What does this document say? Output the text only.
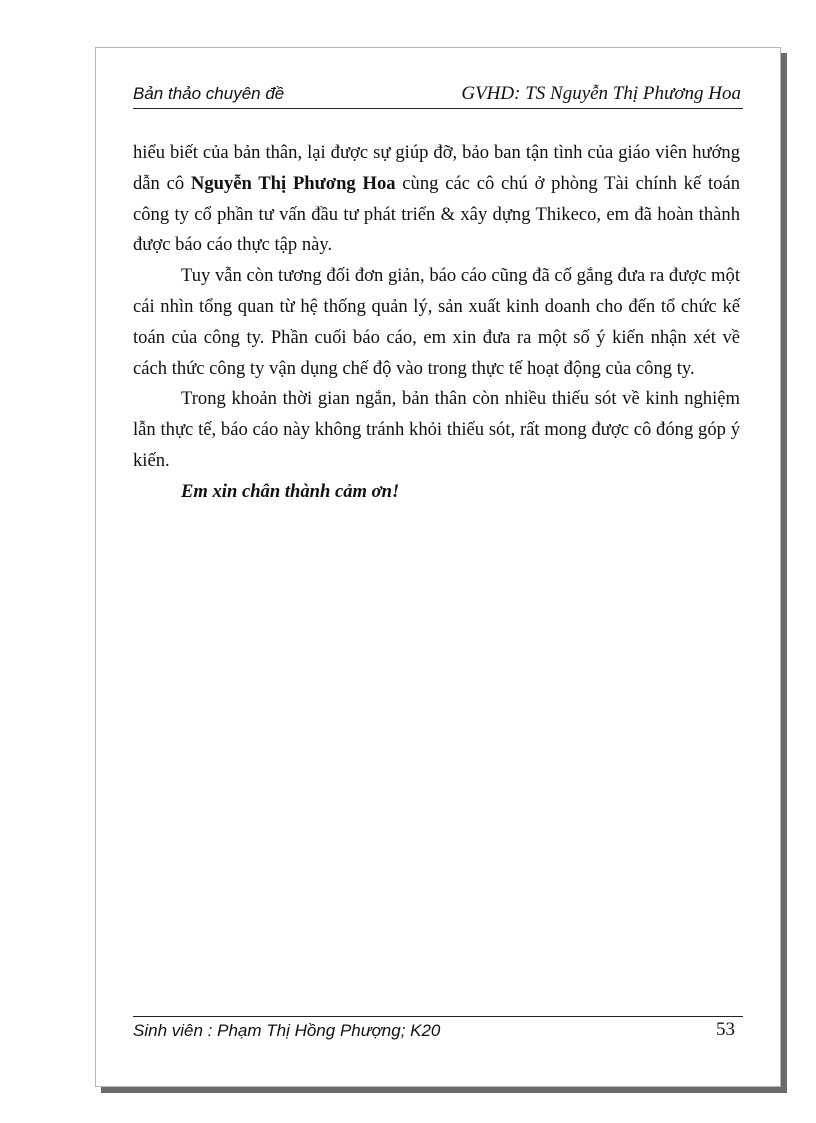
Bản thảo chuyên đề	GVHD: TS Nguyễn Thị Phương Hoa

hiểu biết của bản thân, lại được sự giúp đỡ, bảo ban tận tình của giáo viên hướng

dẫn cô Nguyễn Thị Phương Hoa cùng các cô chú ở phòng Tài chính kế toán

công ty cổ phần tư vấn đầu tư phát triển & xây dựng Thikeco, em đã hoàn thành

được báo cáo thực tập này.

Tuy vẫn còn tương đối đơn giản, báo cáo cũng đã cố gắng đưa ra được một cái nhìn tổng quan từ hệ thống quản lý, sản xuất kinh doanh cho đến tổ chức kế toán của công ty. Phần cuối báo cáo, em xin đưa ra một số ý kiến nhận xét về cách thức công ty vận dụng chế độ vào trong thực tế hoạt động của công ty.

Trong khoản thời gian ngắn, bản thân còn nhiều thiếu sót về kinh nghiệm lẫn thực tế, báo cáo này không tránh khỏi thiếu sót, rất mong được cô đóng góp ý kiến.

Em xin chân thành cảm ơn!

Sinh viên : Phạm Thị Hồng Phượng; K20	53
